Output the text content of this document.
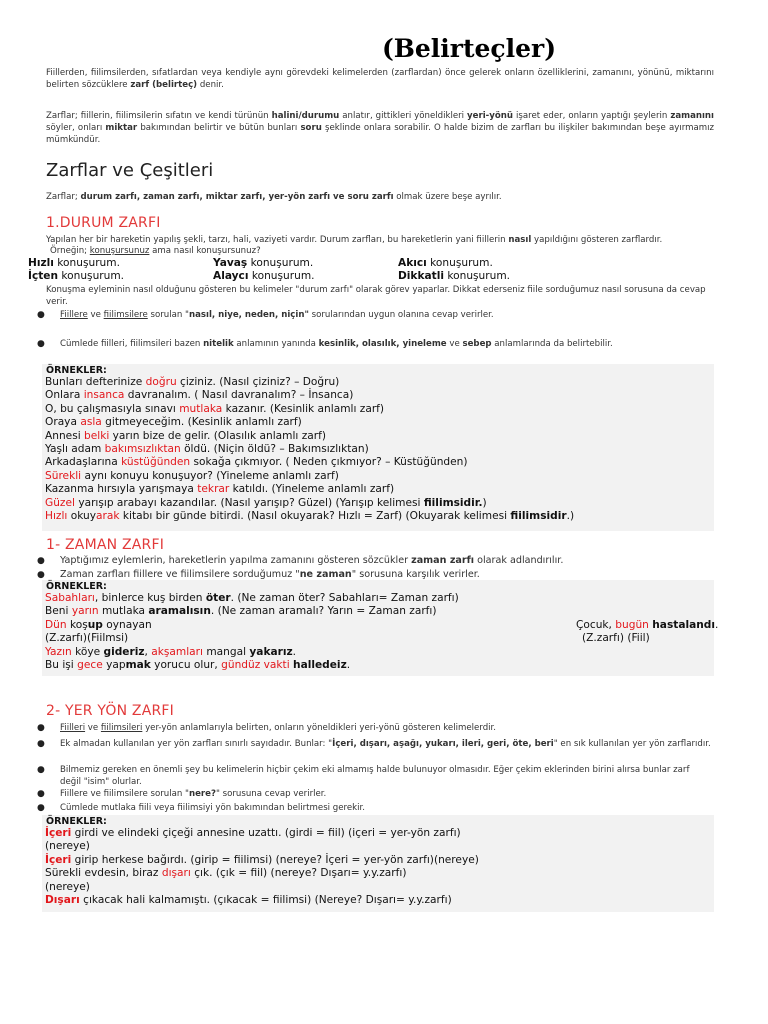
(Belirteçler)
Fiillerden, fiilimsilerden, sıfatlardan veya kendiyle aynı görevdeki kelimelerden (zarflardan) önce gelerek onların özelliklerini, zamanını, yönünü, miktarını belirten sözcüklere zarf (belirteç) denir.
Zarflar; fiillerin, fiilimsilerin sıfatın ve kendi türünün halini/durumu anlatır, gittikleri yöneldikleri yeri-yönü işaret eder, onların yaptığı şeylerin zamanını söyler, onları miktar bakımından belirtir ve bütün bunları soru şeklinde onlara sorabilir. O halde bizim de zarfları bu ilişkiler bakımından beşe ayırmamız mümkündür.
Zarflar ve Çeşitleri
Zarflar; durum zarfı, zaman zarfı, miktar zarfı, yer-yön zarfı ve soru zarfı olmak üzere beşe ayrılır.
1.DURUM ZARFI
Yapılan her bir hareketin yapılış şekli, tarzı, hali, vaziyeti vardır. Durum zarfları, bu hareketlerin yani fiillerin nasıl yapıldığını gösteren zarflardır.
Örneğin; konuşursunuz ama nasıl konuşursunuz?
Hızlı konuşurum.	Yavaş konuşurum.	Akıcı konuşurum.
İçten konuşurum.	Alaycı konuşurum.	Dikkatli konuşurum.
Konuşma eyleminin nasıl olduğunu gösteren bu kelimeler "durum zarfı" olarak görev yaparlar. Dikkat ederseniz fiile sorduğumuz nasıl sorusuna da cevap verir.
● Fiillere ve fiilimsilere sorulan "nasıl, niye, neden, niçin" sorularından uygun olanına cevap verirler.
● Cümlede fiilleri, fiilimsileri bazen nitelik anlamının yanında kesinlik, olasılık, yineleme ve sebep anlamlarında da belirtebilir.
ÖRNEKLER:
Bunları defterinize doğru çiziniz. (Nasıl çiziniz? – Doğru)
Onlara insanca davranalım. ( Nasıl davranalım? – İnsanca)
O, bu çalışmasıyla sınavı mutlaka kazanır. (Kesinlik anlamlı zarf)
Oraya asla gitmeyeceğim. (Kesinlik anlamlı zarf)
Annesi belki yarın bize de gelir. (Olasılık anlamlı zarf)
Yaşlı adam bakımsızlıktan öldü. (Niçin öldü? – Bakımsızlıktan)
Arkadaşlarına küstüğünden sokağa çıkmıyor. ( Neden çıkmıyor? – Küstüğünden)
Sürekli aynı konuyu konuşuyor? (Yineleme anlamlı zarf)
Kazanma hırsıyla yarışmaya tekrar katıldı. (Yineleme anlamlı zarf)
Güzel yarışıp arabayı kazandılar. (Nasıl yarışıp? Güzel) (Yarışıp kelimesi fiilimsidir.)
Hızlı okuyarak kitabı bir günde bitirdi. (Nasıl okuyarak? Hızlı = Zarf) (Okuyarak kelimesi fiilimsidir.)
1- ZAMAN ZARFI
● Yaptığımız eylemlerin, hareketlerin yapılma zamanını gösteren sözcükler zaman zarfı olarak adlandırılır.
● Zaman zarfları fiillere ve fiilimsilere sorduğumuz "ne zaman" sorusuna karşılık verirler.
ÖRNEKLER:
Sabahları, binlerce kuş birden öter. (Ne zaman öter? Sabahları= Zaman zarfı)
Beni yarın mutlaka aramalısın. (Ne zaman aramalı? Yarın = Zaman zarfı)
Dün koşup oynayan
(Z.zarfı)(Fiilmsi)
Yazın köye gideriz, akşamları mangal yakarız.
Bu işi gece yapmak yorucu olur, gündüz vakti halledeiz.
Çocuk, bugün hastalandı.
(Z.zarfı) (Fiil)
2- YER YÖN ZARFI
● Fiilleri ve fiilimsileri yer-yön anlamlarıyla belirten, onların yöneldikleri yeri-yönü gösteren kelimelerdir.
● Ek almadan kullanılan yer yön zarfları sınırlı sayıdadır. Bunlar: "İçeri, dışarı, aşağı, yukarı, ileri, geri, öte, beri" en sık kullanılan yer yön zarflarıdır.
● Bilmemiz gereken en önemli şey bu kelimelerin hiçbir çekim eki almamış halde bulunuyor olmasıdır. Eğer çekim eklerinden birini alırsa bunlar zarf değil "isim" olurlar.
● Fiillere ve fiilimsilere sorulan "nere?" sorusuna cevap verirler.
● Cümlede mutlaka fiili veya fiilimsiyi yön bakımından belirtmesi gerekir.
ÖRNEKLER:
İçeri girdi ve elindeki çiçeği annesine uzattı. (girdi = fiil) (içeri = yer-yön zarfı)
(nereye)
İçeri girip herkese bağırdı. (girip = fiilimsi) (nereye? İçeri = yer-yön zarfı)(nereye)
Sürekli evdesin, biraz dışarı çık. (çık = fiil) (nereye? Dışarı= y.y.zarfı)
(nereye)
Dışarı çıkacak hali kalmamıştı. (çıkacak = fiilimsi) (Nereye? Dışarı= y.y.zarfı)
